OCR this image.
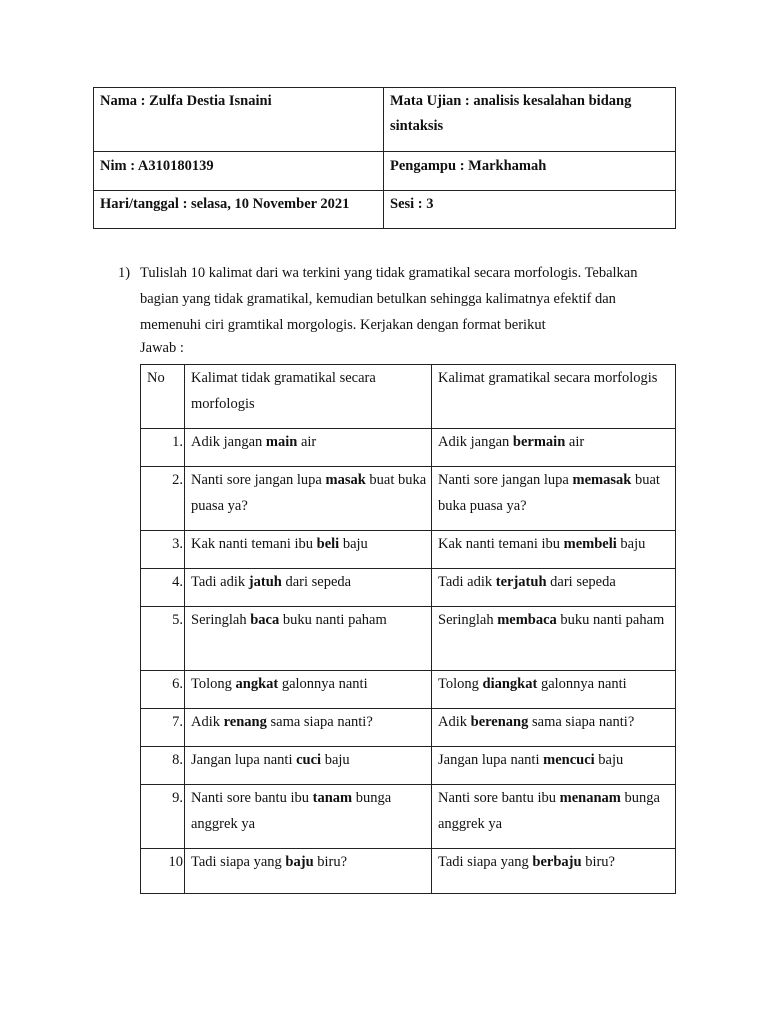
Nama : Zulfa Destia Isnaini	Mata Ujian : analisis kesalahan bidang sintaksis
Nim : A310180139	Pengampu : Markhamah
Hari/tanggal : selasa, 10 November 2021	Sesi : 3
1) Tulislah 10 kalimat dari wa terkini yang tidak gramatikal secara morfologis. Tebalkan bagian yang tidak gramatikal, kemudian betulkan sehingga kalimatnya efektif dan memenuhi ciri gramtikal morgologis. Kerjakan dengan format berikut
Jawab :
No	Kalimat tidak gramatikal secara morfologis	Kalimat gramatikal secara morfologis
1.	Adik jangan main air	Adik jangan bermain air
2.	Nanti sore jangan lupa masak buat buka puasa ya?	Nanti sore jangan lupa memasak buat buka puasa ya?
3.	Kak nanti temani ibu beli baju	Kak nanti temani ibu membeli baju
4.	Tadi adik jatuh dari sepeda	Tadi adik terjatuh dari sepeda
5.	Seringlah baca buku nanti paham	Seringlah membaca buku nanti paham
6.	Tolong angkat galonnya nanti	Tolong diangkat galonnya nanti
7.	Adik renang sama siapa nanti?	Adik berenang sama siapa nanti?
8.	Jangan lupa nanti cuci baju	Jangan lupa nanti mencuci baju
9.	Nanti sore bantu ibu tanam bunga anggrek ya	Nanti sore bantu ibu menanam bunga anggrek ya
10	Tadi siapa yang baju biru?	Tadi siapa yang berbaju biru?
